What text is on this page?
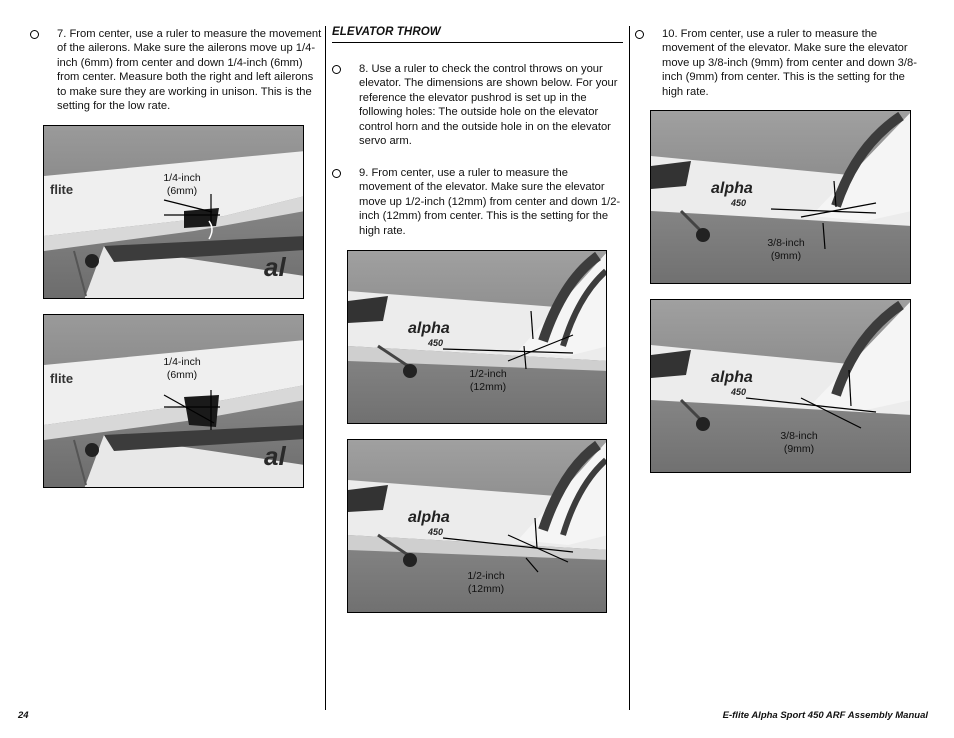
7. From center, use a ruler to measure the movement of the ailerons. Make sure the ailerons move up 1/4-inch (6mm) from center and down 1/4-inch (6mm) from center. Measure both the right and left ailerons to make sure they are working in unison. This is the setting for the low rate.
al
flite
1/4-inch
(6mm)
al
flite
1/4-inch
(6mm)
ELEVATOR THROW
8. Use a ruler to check the control throws on your elevator. The dimensions are shown below. For your reference the elevator pushrod is set up in the following holes: The outside hole on the elevator control horn and the outside hole in on the elevator servo arm.
9. From center, use a ruler to measure the movement of the elevator. Make sure the elevator move up 1/2-inch (12mm) from center and down 1/2-inch (12mm) from center. This is the setting for the high rate.
alpha
450
1/2-inch
(12mm)
alpha
450
1/2-inch
(12mm)
10. From center, use a ruler to measure the movement of the elevator. Make sure the elevator move up 3/8-inch (9mm) from center and down 3/8-inch (9mm) from center. This is the setting for the high rate.
alpha
450
3/8-inch
(9mm)
alpha
450
3/8-inch
(9mm)
24	E-flite Alpha Sport 450 ARF Assembly Manual
